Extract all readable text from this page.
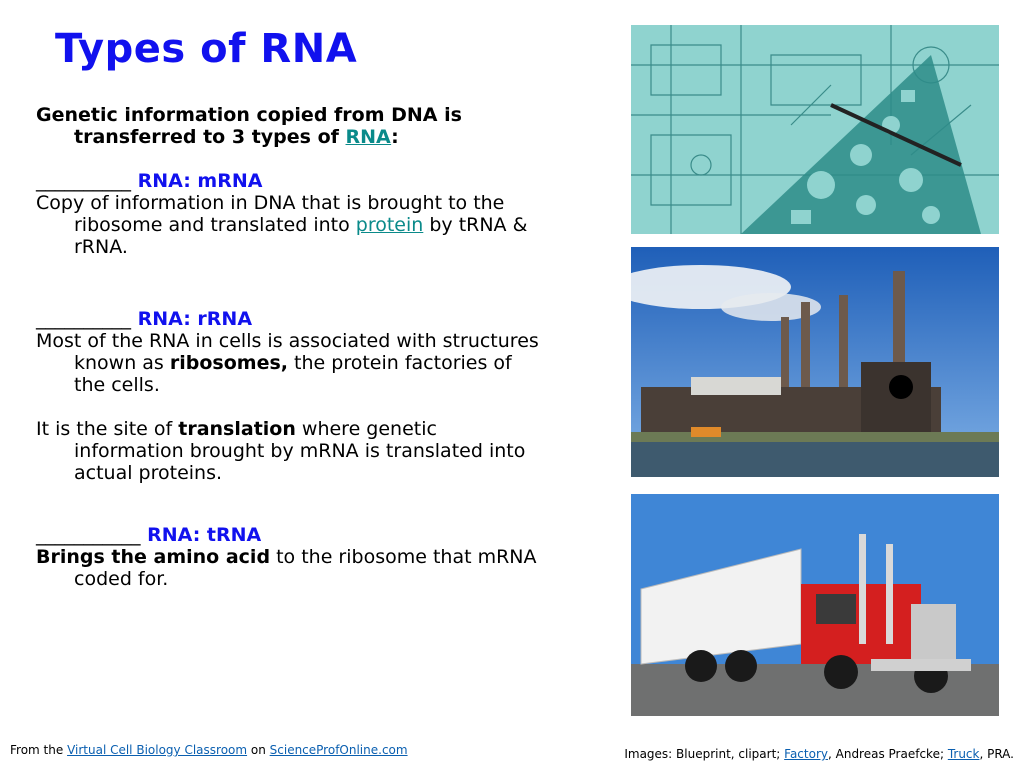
Types of RNA

Genetic information copied from DNA is transferred to 3 types of RNA:

__________ RNA: mRNA

Copy of information in DNA that is brought to the ribosome and translated into protein by tRNA & rRNA.

__________ RNA: rRNA

Most of the RNA in cells is associated with structures known as ribosomes, the protein factories of the cells.

It is the site of translation where genetic information brought by mRNA is translated into actual proteins.

___________ RNA: tRNA

Brings the amino acid to the ribosome that mRNA coded for.

From the Virtual Cell Biology Classroom on ScienceProfOnline.com	Images: Blueprint, clipart; Factory, Andreas Praefcke; Truck, PRA.
